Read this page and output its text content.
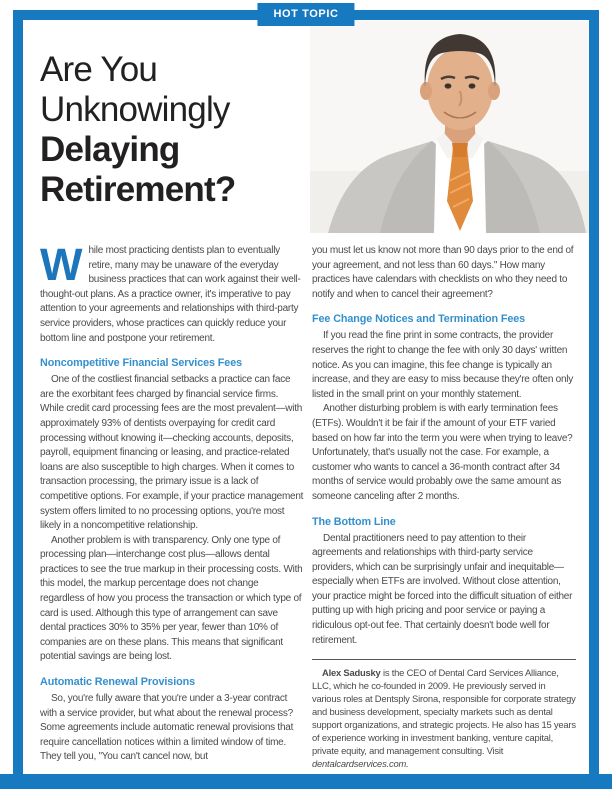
HOT TOPIC
Are You
Unknowingly
Delaying
Retirement?

While most practicing dentists plan to eventually retire, many may be unaware of the everyday business practices that can work against their well-thought-out plans. As a practice owner, it's imperative to pay attention to your agreements and relationships with third-party service providers, whose practices can quickly reduce your bottom line and postpone your retirement.

Noncompetitive Financial Services Fees

One of the costliest financial setbacks a practice can face are the exorbitant fees charged by financial service firms. While credit card processing fees are the most prevalent—with approximately 93% of dentists overpaying for credit card processing without knowing it—checking accounts, deposits, payroll, equipment financing or leasing, and practice-related loans are also susceptible to high charges. When it comes to transaction processing, the primary issue is a lack of competitive options. For example, if your practice management system offers limited to no processing options, you're most likely in a noncompetitive relationship.

Another problem is with transparency. Only one type of processing plan—interchange cost plus—allows dental practices to see the true markup in their processing costs. With this model, the markup percentage does not change regardless of how you process the transaction or which type of card is used. Although this type of arrangement can save dental practices 30% to 35% per year, fewer than 10% of companies are on these plans. This means that significant potential savings are being lost.

Automatic Renewal Provisions

So, you're fully aware that you're under a 3-year contract with a service provider, but what about the renewal process? Some agreements include automatic renewal provisions that require cancellation notices within a limited window of time. They tell you, "You can't cancel now, but

you must let us know not more than 90 days prior to the end of your agreement, and not less than 60 days." How many practices have calendars with checklists on who they need to notify and when to cancel their agreement?

Fee Change Notices and Termination Fees

If you read the fine print in some contracts, the provider reserves the right to change the fee with only 30 days' written notice. As you can imagine, this fee change is typically an increase, and they are easy to miss because they're often only listed in the small print on your monthly statement.

Another disturbing problem is with early termination fees (ETFs). Wouldn't it be fair if the amount of your ETF varied based on how far into the term you were when trying to leave? Unfortunately, that's usually not the case. For example, a customer who wants to cancel a 36-month contract after 34 months of service would probably owe the same amount as someone canceling after 2 months.

The Bottom Line

Dental practitioners need to pay attention to their agreements and relationships with third-party service providers, which can be surprisingly unfair and inequitable—especially when ETFs are involved. Without close attention, your practice might be forced into the difficult situation of either putting up with high pricing and poor service or paying a ridiculous opt-out fee. That certainly doesn't bode well for retirement.

Alex Sadusky is the CEO of Dental Card Services Alliance, LLC, which he co-founded in 2009. He previously served in various roles at Dentsply Sirona, responsible for corporate strategy and business development, specialty markets such as dental support organizations, and strategic projects. He also has 15 years of experience working in investment banking, venture capital, private equity, and management consulting. Visit dentalcardservices.com.
